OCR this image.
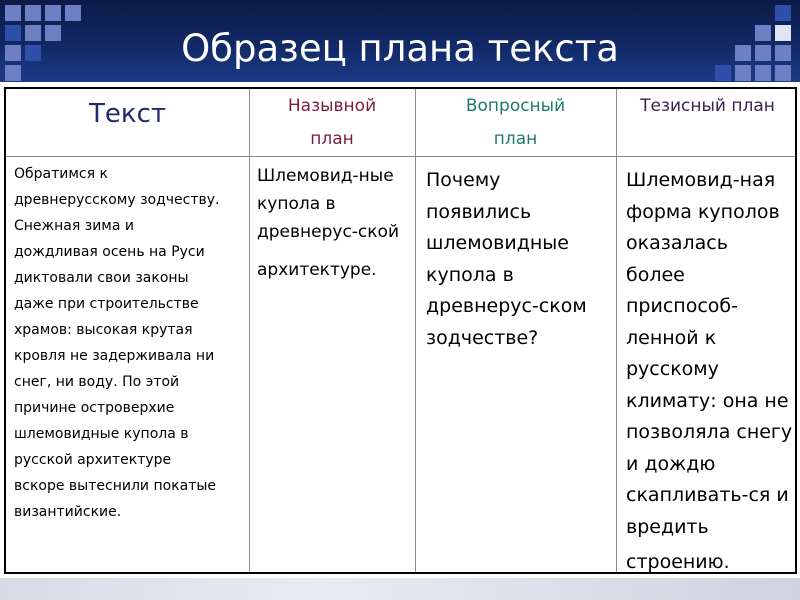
Образец плана текста
Текст	Назывной
план
Вопросный
план
Тезисный план
Обратимся к
древнерусскому зодчеству.
Снежная зима и
дождливая осень на Руси
диктовали свои законы
даже при строительстве
храмов: высокая крутая
кровля не задерживала ни
снег, ни воду. По этой
причине островерхие
шлемовидные купола в
русской архитектуре
вскоре вытеснили покатые
византийские.
Шлемовид-ные
купола в
древнерус-ской
архитектуре.
Почему
появились
шлемовидные
купола в
древнерус-ском
зодчестве?
Шлемовид-ная
форма куполов
оказалась
более
приспособ-
ленной к
русскому
климату: она не
позволяла снегу
и дождю
скапливать-ся и
вредить
строению.
